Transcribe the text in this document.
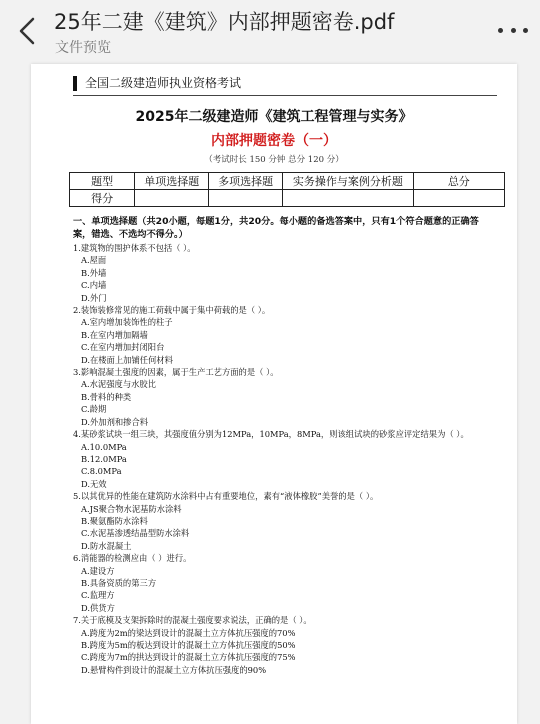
25年二建《建筑》内部押题密卷.pdf
文件预览
全国二级建造师执业资格考试
2025年二级建造师《建筑工程管理与实务》
内部押题密卷（一）
（考试时长 150 分钟 总分 120 分）
题型	单项选择题	多项选择题	实务操作与案例分析题	总分
得分				
一、单项选择题（共20小题，每题1分，共20分。每小题的备选答案中，只有1个符合题意的正确答案，错选、不选均不得分。）
1.建筑物的围护体系不包括（ ）。
A.屋面
B.外墙
C.内墙
D.外门
2.装饰装修常见的施工荷载中属于集中荷载的是（ ）。
A.室内增加装饰性的柱子
B.在室内增加隔墙
C.在室内增加封闭阳台
D.在楼面上加铺任何材料
3.影响混凝土强度的因素，属于生产工艺方面的是（ ）。
A.水泥强度与水胶比
B.骨料的种类
C.龄期
D.外加剂和掺合料
4.某砂浆试块一组三块，其强度值分别为12MPa，10MPa，8MPa，则该组试块的砂浆应评定结果为（ ）。
A.10.0MPa
B.12.0MPa
C.8.0MPa
D.无效
5.以其优异的性能在建筑防水涂料中占有重要地位，素有“液体橡胶”美誉的是（ ）。
A.JS聚合物水泥基防水涂料
B.聚氨酯防水涂料
C.水泥基渗透结晶型防水涂料
D.防水混凝土
6.消能器的检测应由（ ）进行。
A.建设方
B.具备资质的第三方
C.监理方
D.供货方
7.关于底模及支架拆除时的混凝土强度要求说法，正确的是（ ）。
A.跨度为2m的梁达到设计的混凝土立方体抗压强度的70%
B.跨度为5m的板达到设计的混凝土立方体抗压强度的50%
C.跨度为7m的拱达到设计的混凝土立方体抗压强度的75%
D.悬臂构件到设计的混凝土立方体抗压强度的90%
